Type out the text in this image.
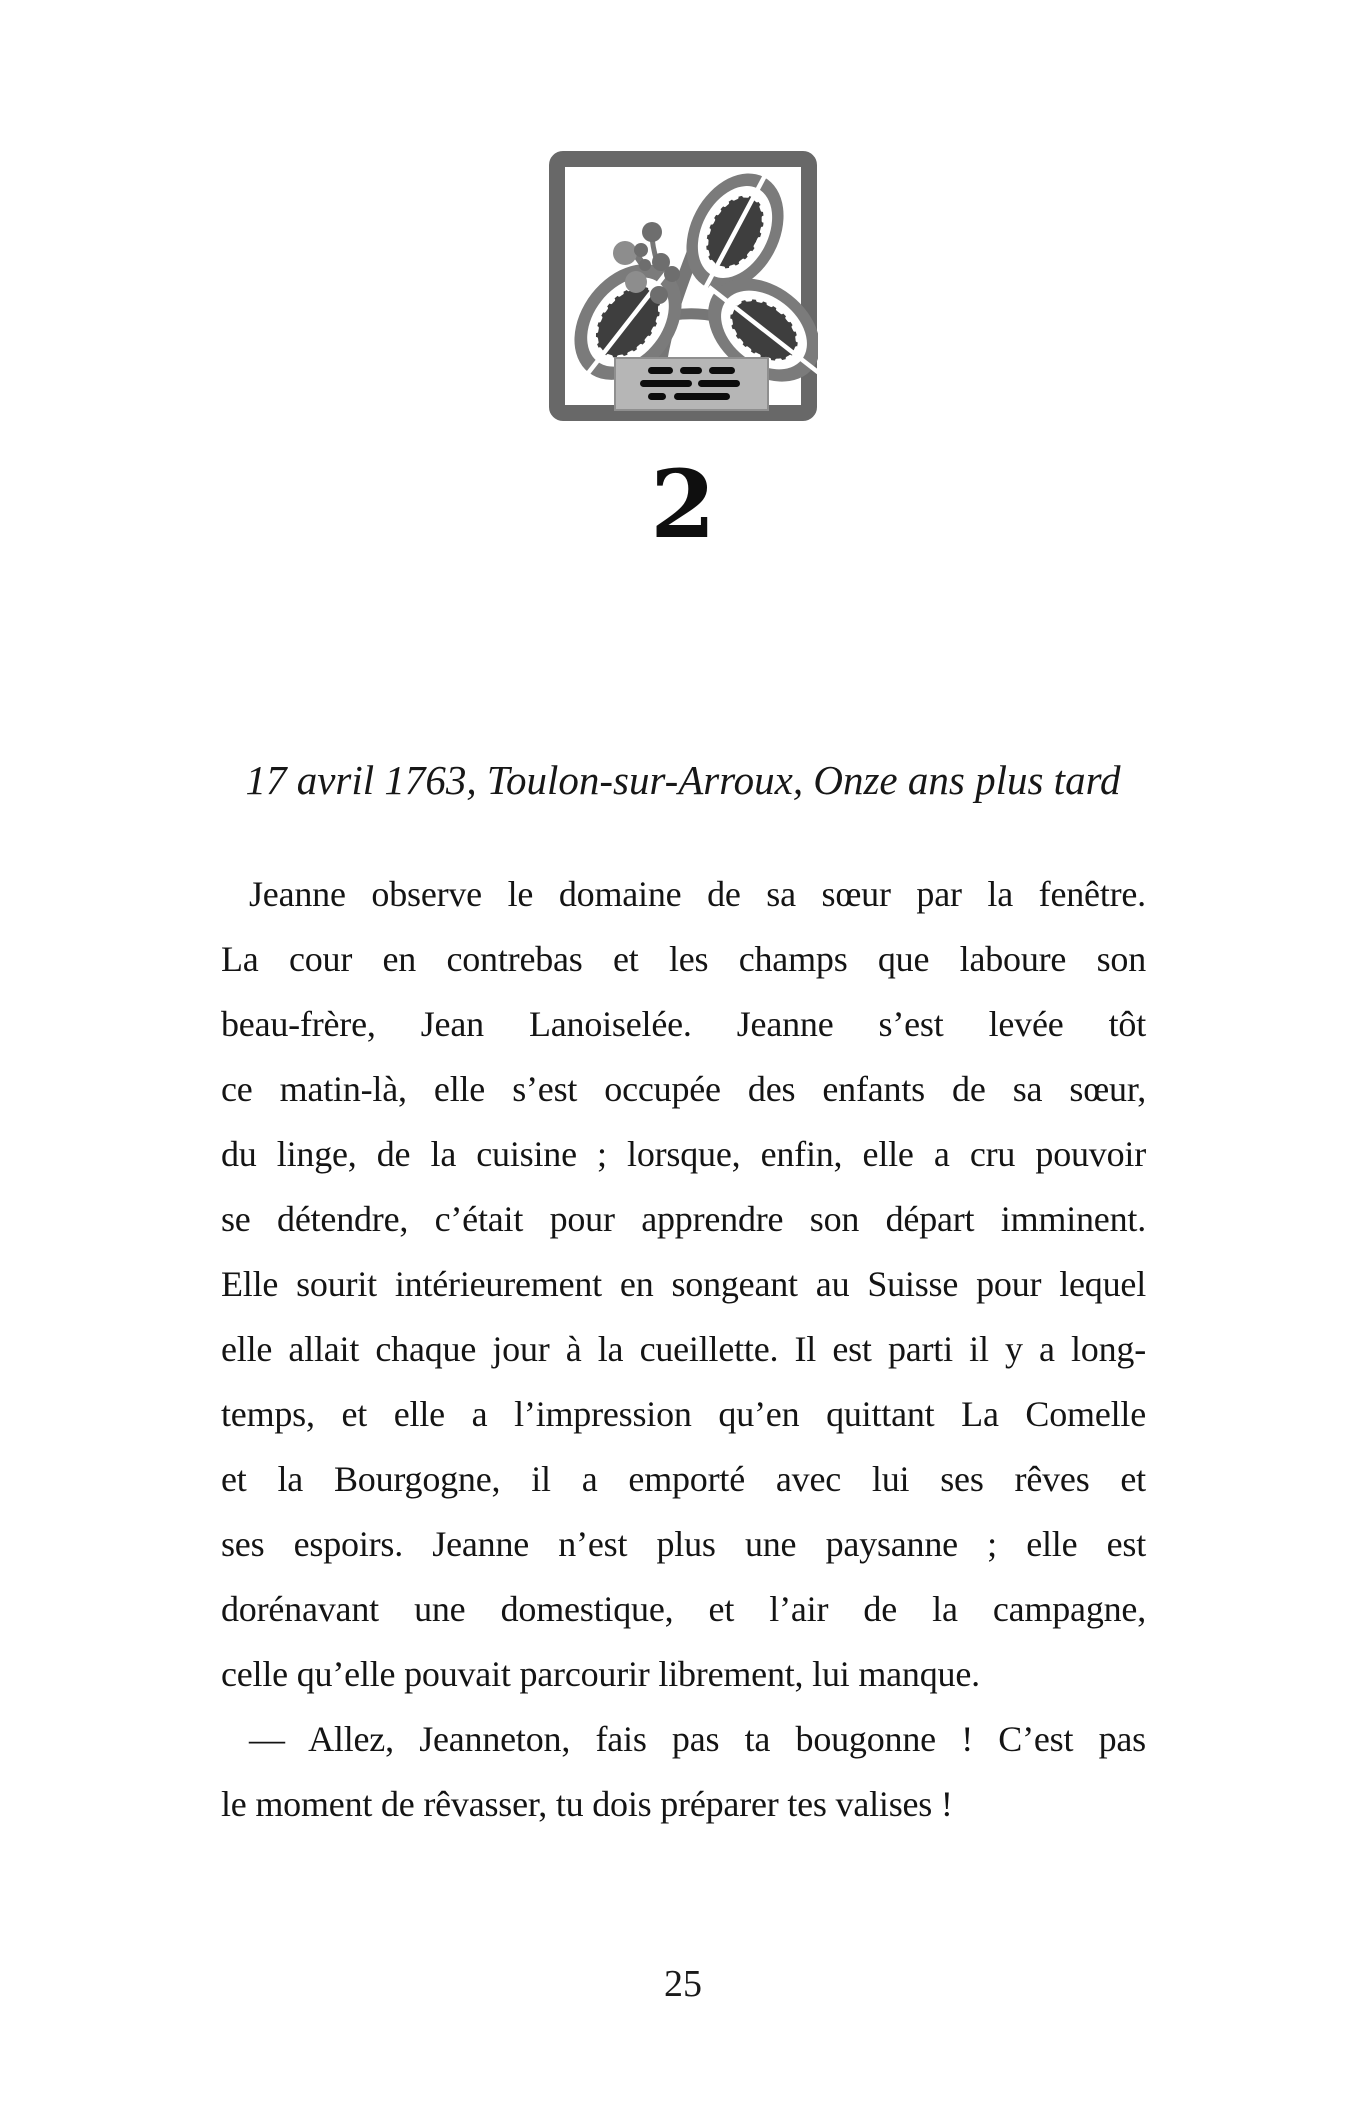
2
17 avril 1763, Toulon-sur-Arroux, Onze ans plus tard

Jeanne observe le domaine de sa sœur par la fenêtre.

La cour en contrebas et les champs que laboure son

beau-frère, Jean Lanoiselée. Jeanne s’est levée tôt

ce matin-là, elle s’est occupée des enfants de sa sœur,

du linge, de la cuisine ; lorsque, enfin, elle a cru pouvoir

se détendre, c’était pour apprendre son départ imminent.

Elle sourit intérieurement en songeant au Suisse pour lequel

elle allait chaque jour à la cueillette. Il est parti il y a long-

temps, et elle a l’impression qu’en quittant La Comelle

et la Bourgogne, il a emporté avec lui ses rêves et

ses espoirs. Jeanne n’est plus une paysanne ; elle est

dorénavant une domestique, et l’air de la campagne,

celle qu’elle pouvait parcourir librement, lui manque.

— Allez, Jeanneton, fais pas ta bougonne ! C’est pas

le moment de rêvasser, tu dois préparer tes valises !

25
